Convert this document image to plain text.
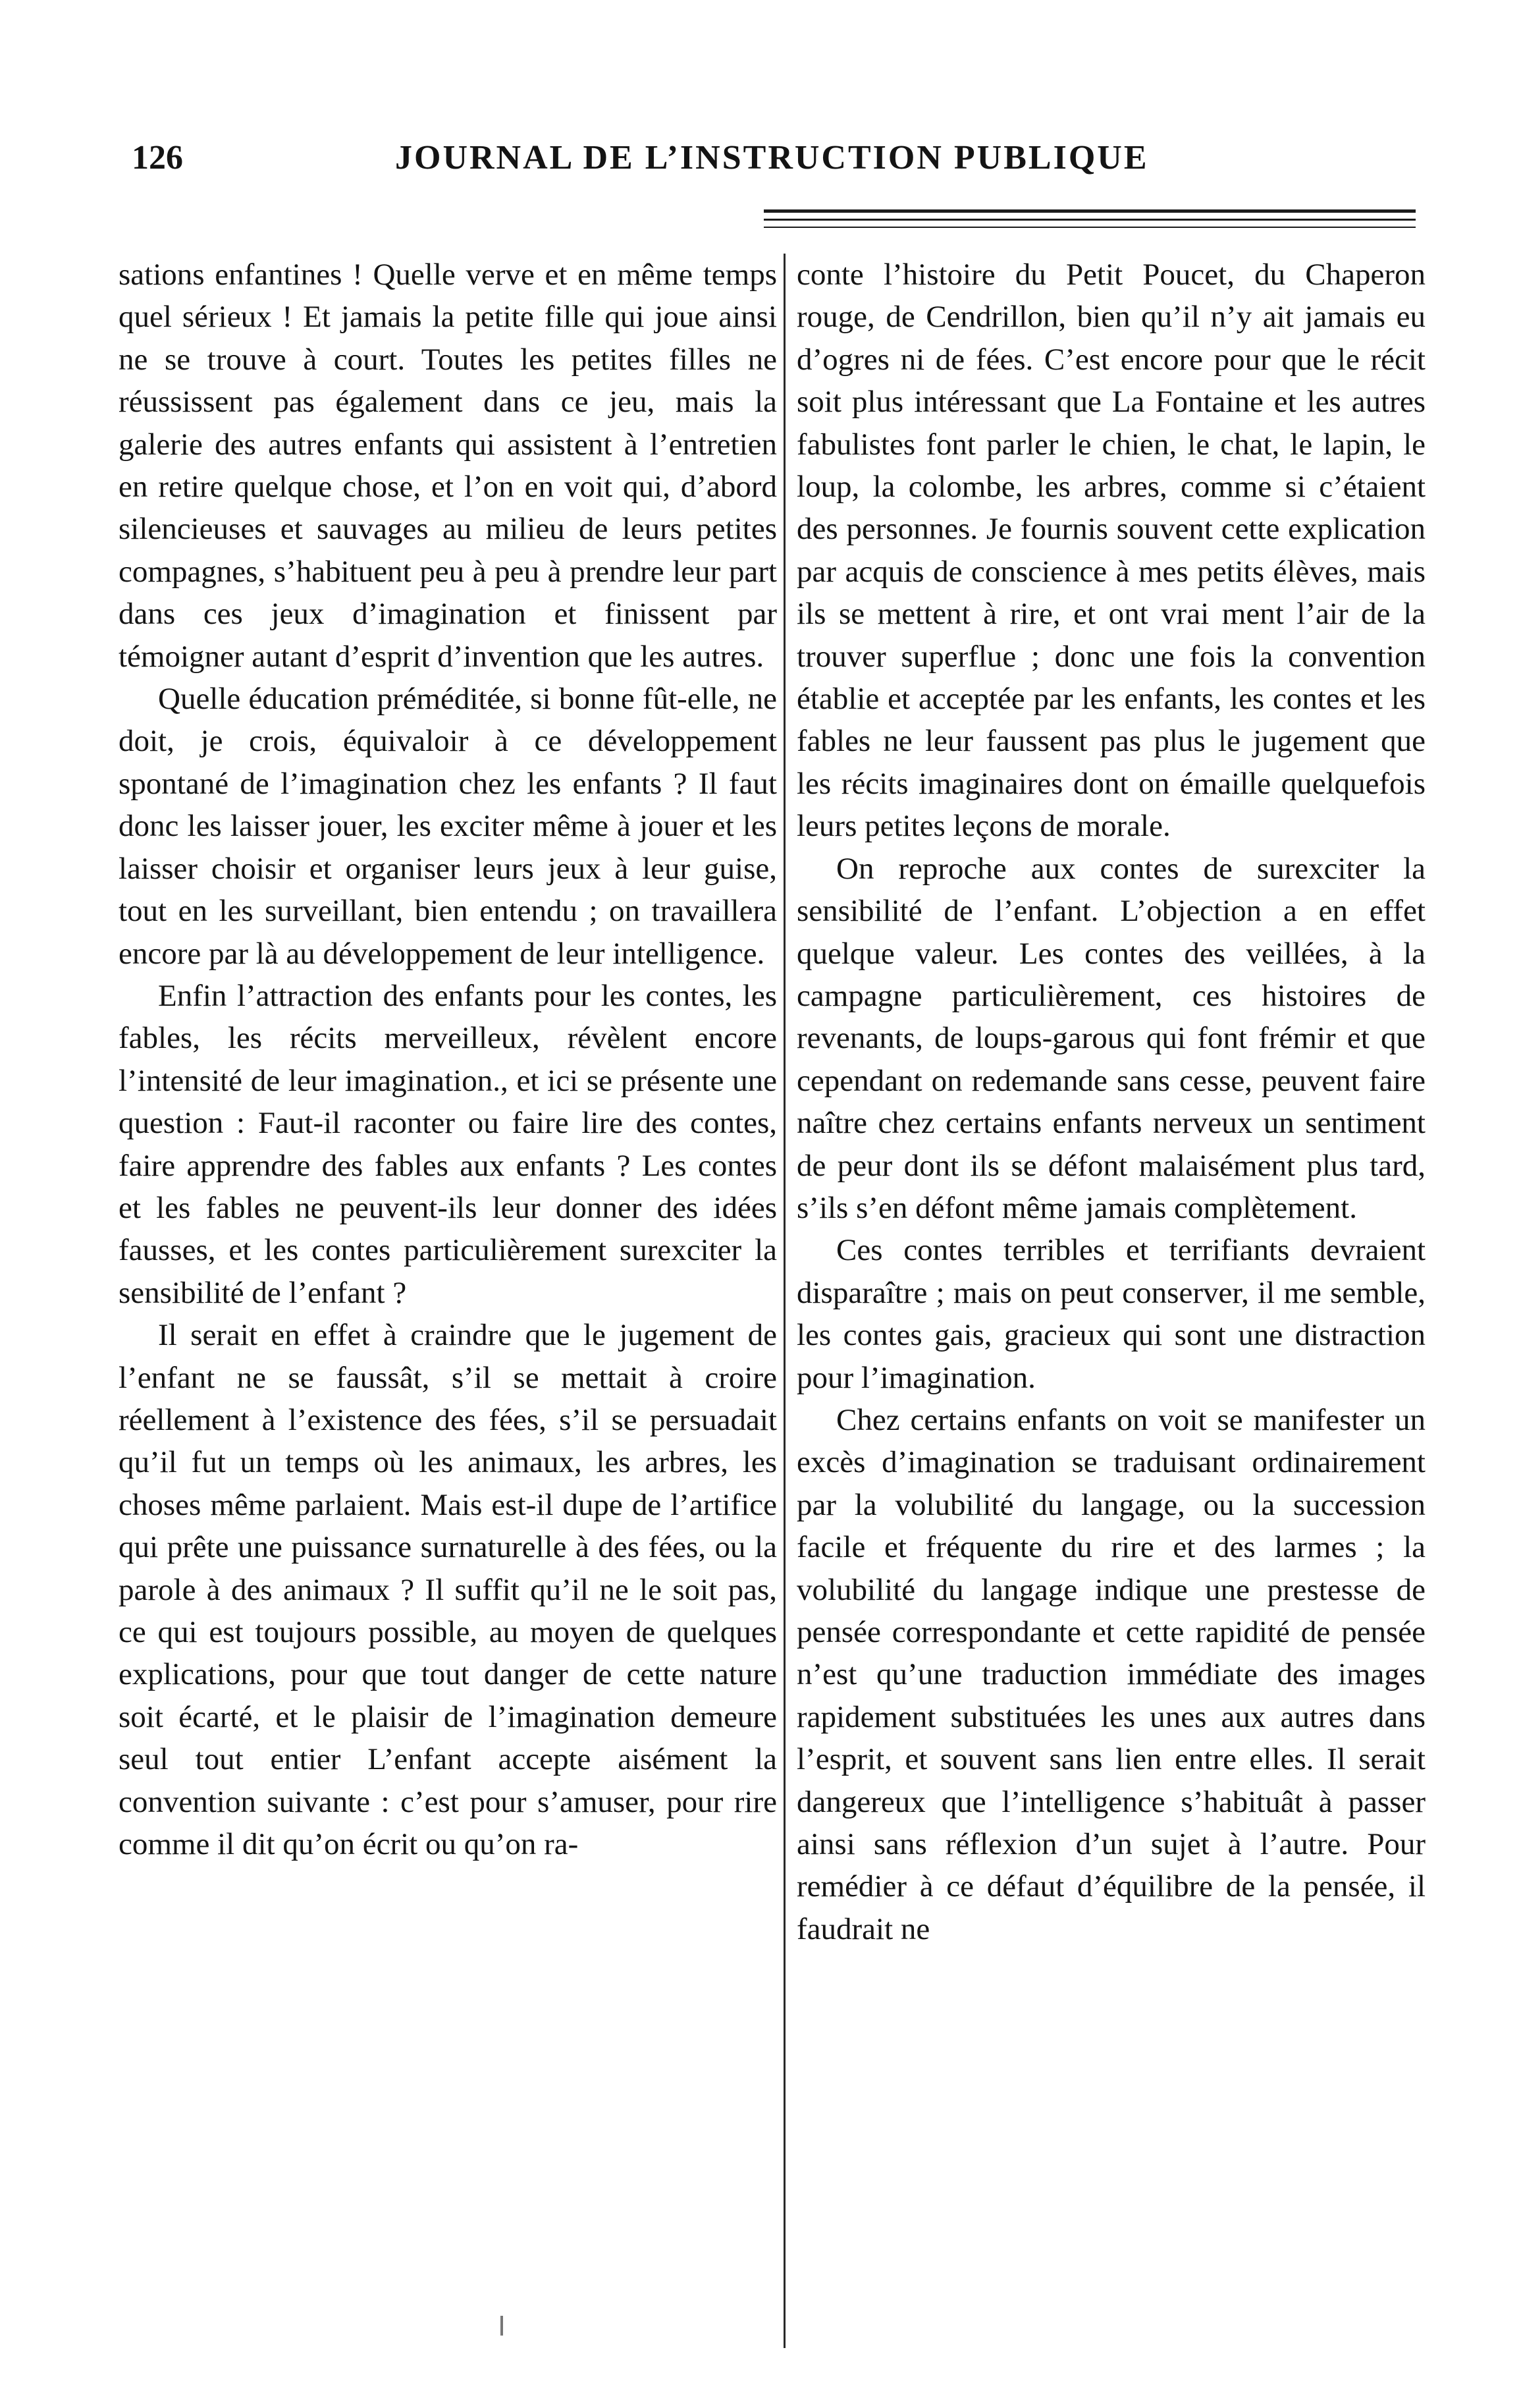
126	JOURNAL DE L’INSTRUCTION PUBLIQUE

sations enfantines ! Quelle verve et en même temps quel sérieux ! Et jamais la petite fille qui joue ainsi ne se trouve à court. Toutes les petites filles ne réussissent pas également dans ce jeu, mais la galerie des autres enfants qui assistent à l’entretien en retire quelque chose, et l’on en voit qui, d’abord silencieuses et sauvages au milieu de leurs petites compagnes, s’habituent peu à peu à prendre leur part dans ces jeux d’imagination et finissent par témoigner autant d’esprit d’invention que les autres.

Quelle éducation préméditée, si bonne fût-elle, ne doit, je crois, équivaloir à ce développement spontané de l’imagination chez les enfants ? Il faut donc les laisser jouer, les exciter même à jouer et les laisser choisir et organiser leurs jeux à leur guise, tout en les surveillant, bien entendu ; on travaillera encore par là au développement de leur intelligence.

Enfin l’attraction des enfants pour les contes, les fables, les récits merveilleux, révèlent encore l’intensité de leur imagination., et ici se présente une question : Faut-il raconter ou faire lire des contes, faire apprendre des fables aux enfants ? Les contes et les fables ne peuvent-ils leur donner des idées fausses, et les contes particulièrement surexciter la sensibilité de l’enfant ?

Il serait en effet à craindre que le jugement de l’enfant ne se faussât, s’il se mettait à croire réellement à l’existence des fées, s’il se persuadait qu’il fut un temps où les animaux, les arbres, les choses même parlaient. Mais est-il dupe de l’artifice qui prête une puissance surnaturelle à des fées, ou la parole à des animaux ? Il suffit qu’il ne le soit pas, ce qui est toujours possible, au moyen de quelques explications, pour que tout danger de cette nature soit écarté, et le plaisir de l’imagination demeure seul tout entier L’enfant accepte aisément la convention suivante : c’est pour s’amuser, pour rire comme il dit qu’on écrit ou qu’on ra-

conte l’histoire du Petit Poucet, du Chaperon rouge, de Cendrillon, bien qu’il n’y ait jamais eu d’ogres ni de fées. C’est encore pour que le récit soit plus intéressant que La Fontaine et les autres fabulistes font parler le chien, le chat, le lapin, le loup, la colombe, les arbres, comme si c’étaient des personnes. Je fournis souvent cette explication par acquis de conscience à mes petits élèves, mais ils se mettent à rire, et ont vrai ment l’air de la trouver superflue ; donc une fois la convention établie et acceptée par les enfants, les contes et les fables ne leur faussent pas plus le jugement que les récits imaginaires dont on émaille quelquefois leurs petites leçons de morale.

On reproche aux contes de surexciter la sensibilité de l’enfant. L’objection a en effet quelque valeur. Les contes des veillées, à la campagne particulièrement, ces histoires de revenants, de loups-garous qui font frémir et que cependant on redemande sans cesse, peuvent faire naître chez certains enfants nerveux un sentiment de peur dont ils se défont malaisément plus tard, s’ils s’en défont même jamais complètement.

Ces contes terribles et terrifiants devraient disparaître ; mais on peut conserver, il me semble, les contes gais, gracieux qui sont une distraction pour l’imagination.

Chez certains enfants on voit se manifester un excès d’imagination se traduisant ordinairement par la volubilité du langage, ou la succession facile et fréquente du rire et des larmes ; la volubilité du langage indique une prestesse de pensée correspondante et cette rapidité de pensée n’est qu’une traduction immédiate des images rapidement substituées les unes aux autres dans l’esprit, et souvent sans lien entre elles. Il serait dangereux que l’intelligence s’habituât à passer ainsi sans réflexion d’un sujet à l’autre. Pour remédier à ce défaut d’équilibre de la pensée, il faudrait ne
